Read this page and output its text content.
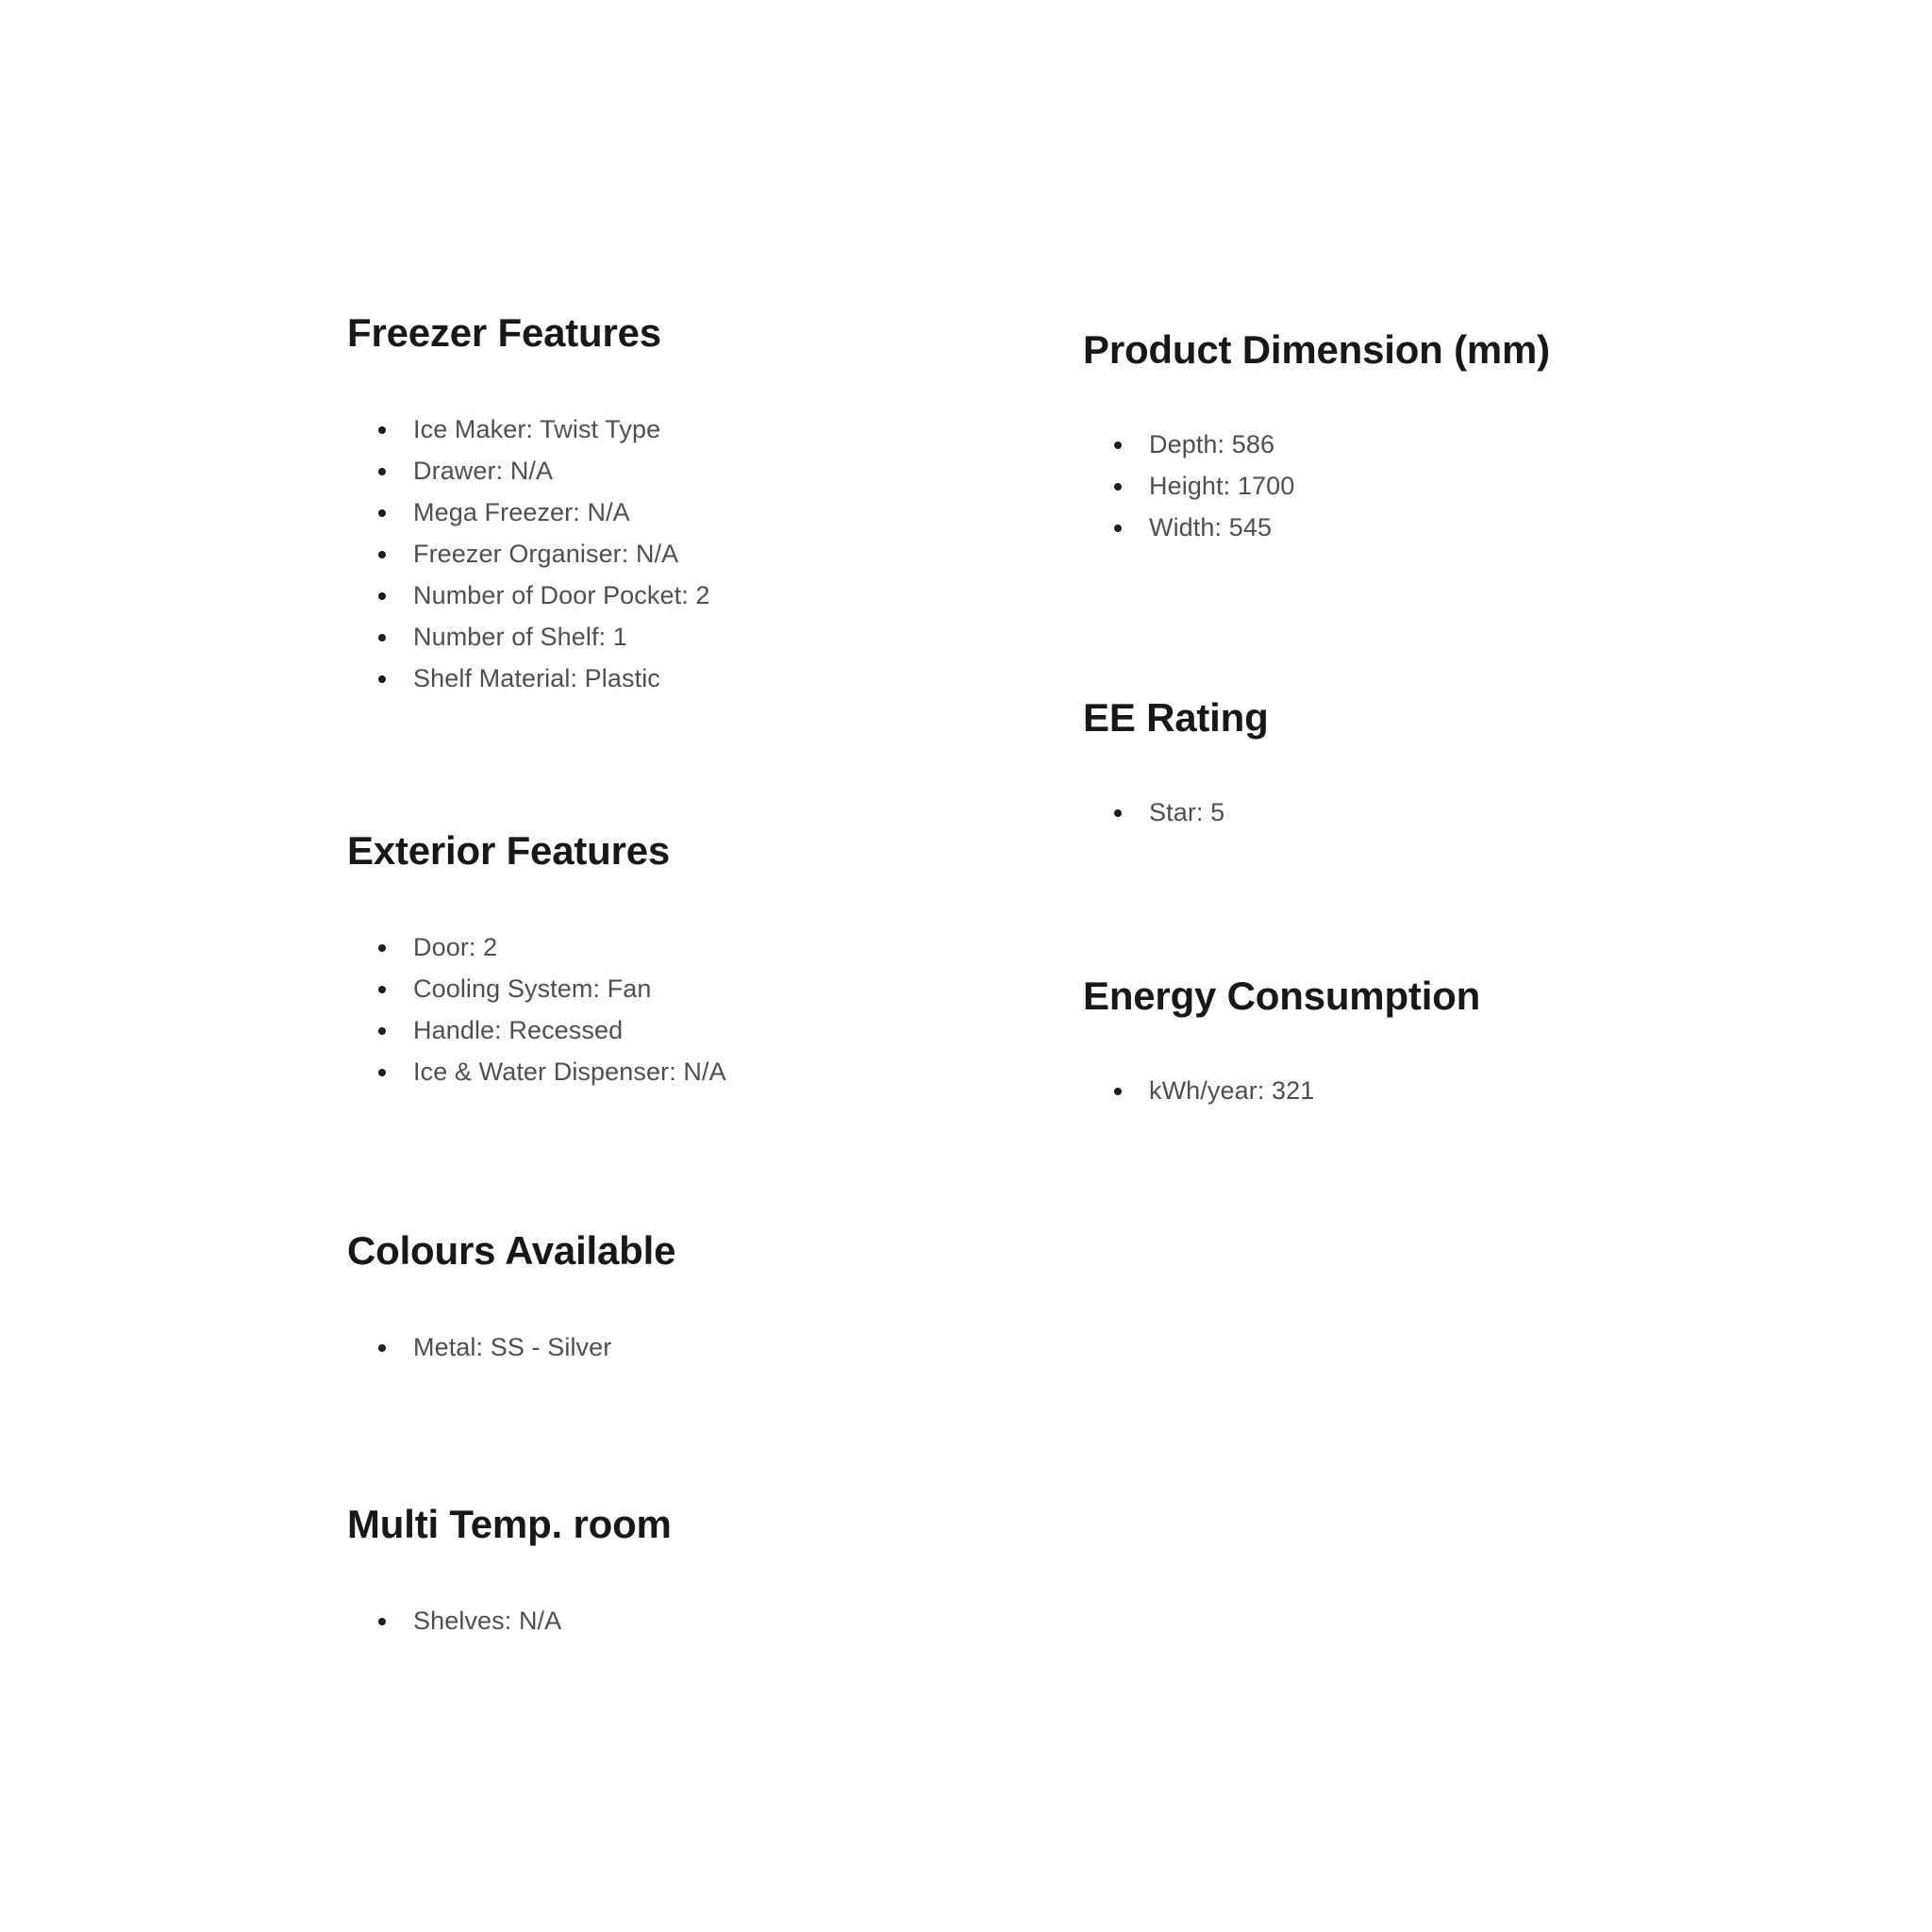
Freezer Features
Ice Maker: Twist Type
Drawer: N/A
Mega Freezer: N/A
Freezer Organiser: N/A
Number of Door Pocket: 2
Number of Shelf: 1
Shelf Material: Plastic
Exterior Features
Door: 2
Cooling System: Fan
Handle: Recessed
Ice & Water Dispenser: N/A
Colours Available
Metal: SS - Silver
Multi Temp. room
Shelves: N/A
Product Dimension (mm)
Depth: 586
Height: 1700
Width: 545
EE Rating
Star: 5
Energy Consumption
kWh/year: 321
